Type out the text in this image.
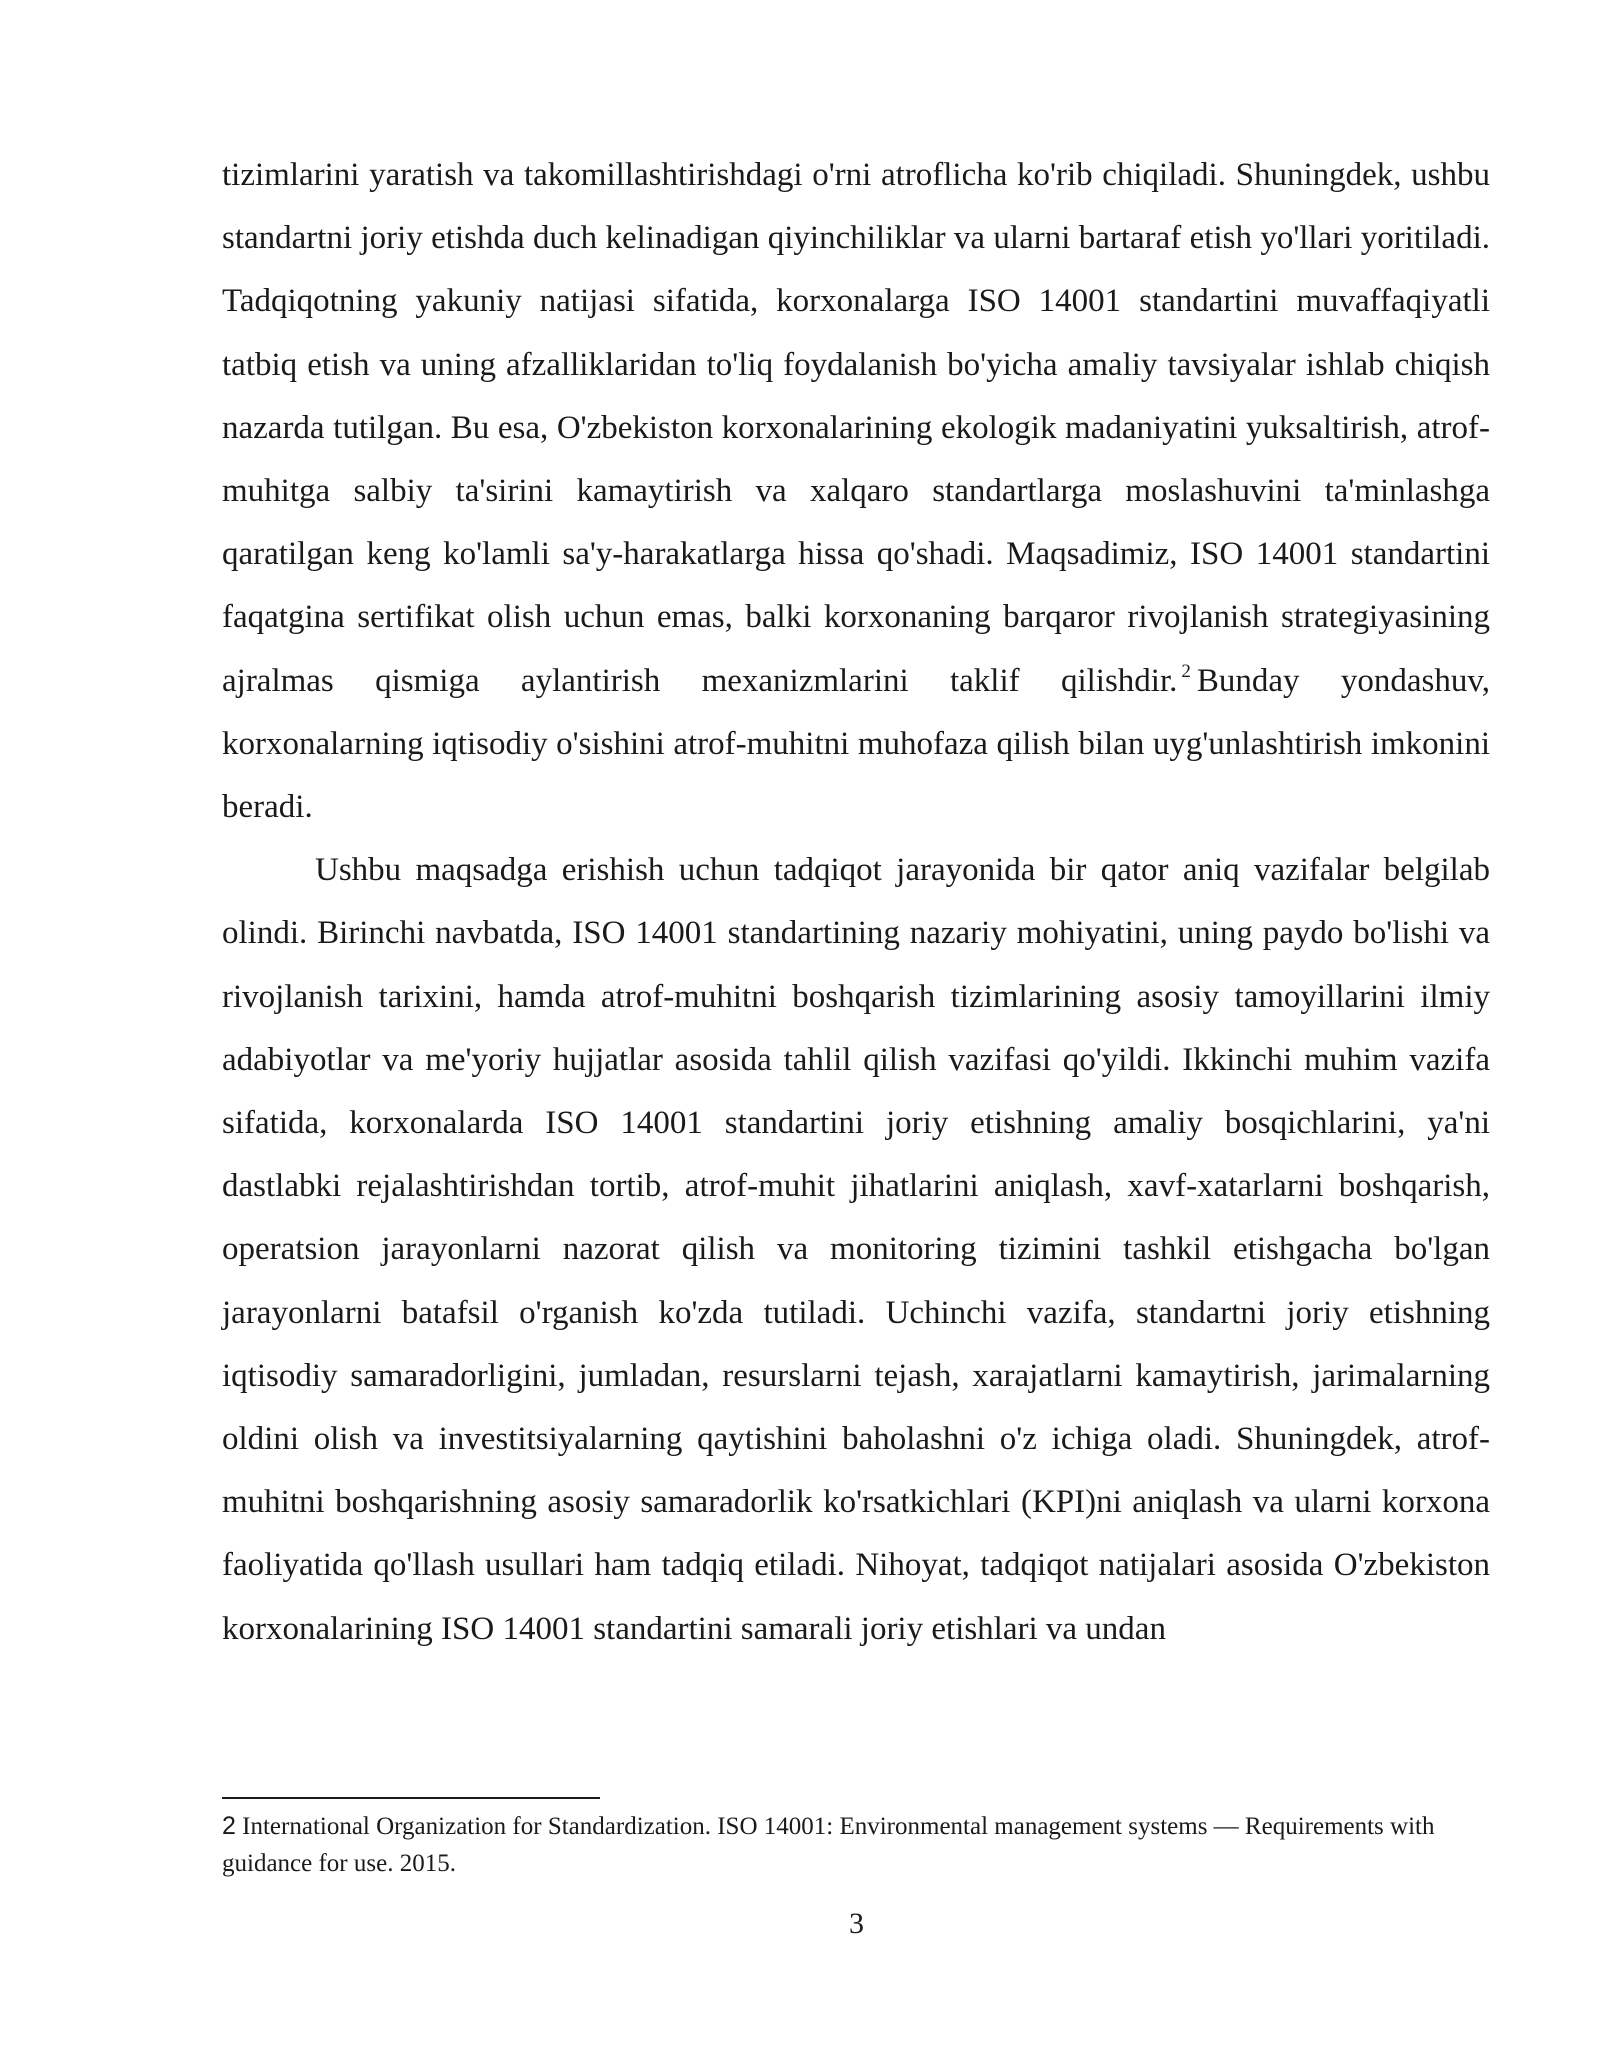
tizimlarini yaratish va takomillashtirishdagi o'rni atroflicha ko'rib chiqiladi. Shuningdek, ushbu standartni joriy etishda duch kelinadigan qiyinchiliklar va ularni bartaraf etish yo'llari yoritiladi. Tadqiqotning yakuniy natijasi sifatida, korxonalarga ISO 14001 standartini muvaffaqiyatli tatbiq etish va uning afzalliklaridan to'liq foydalanish bo'yicha amaliy tavsiyalar ishlab chiqish nazarda tutilgan. Bu esa, O'zbekiston korxonalarining ekologik madaniyatini yuksaltirish, atrof-muhitga salbiy ta'sirini kamaytirish va xalqaro standartlarga moslashuvini ta'minlashga qaratilgan keng ko'lamli sa'y-harakatlarga hissa qo'shadi. Maqsadimiz, ISO 14001 standartini faqatgina sertifikat olish uchun emas, balki korxonaning barqaror rivojlanish strategiyasining ajralmas qismiga aylantirish mexanizmlarini taklif qilishdir. $^2$ Bunday yondashuv, korxonalarning iqtisodiy o'sishini atrof-muhitni muhofaza qilish bilan uyg'unlashtirish imkonini beradi.

Ushbu maqsadga erishish uchun tadqiqot jarayonida bir qator aniq vazifalar belgilab olindi. Birinchi navbatda, ISO 14001 standartining nazariy mohiyatini, uning paydo bo'lishi va rivojlanish tarixini, hamda atrof-muhitni boshqarish tizimlarining asosiy tamoyillarini ilmiy adabiyotlar va me'yoriy hujjatlar asosida tahlil qilish vazifasi qo'yildi. Ikkinchi muhim vazifa sifatida, korxonalarda ISO 14001 standartini joriy etishning amaliy bosqichlarini, ya'ni dastlabki rejalashtirishdan tortib, atrof-muhit jihatlarini aniqlash, xavf-xatarlarni boshqarish, operatsion jarayonlarni nazorat qilish va monitoring tizimini tashkil etishgacha bo'lgan jarayonlarni batafsil o'rganish ko'zda tutiladi. Uchinchi vazifa, standartni joriy etishning iqtisodiy samaradorligini, jumladan, resurslarni tejash, xarajatlarni kamaytirish, jarimalarning oldini olish va investitsiyalarning qaytishini baholashni o'z ichiga oladi. Shuningdek, atrof-muhitni boshqarishning asosiy samaradorlik ko'rsatkichlari (KPI)ni aniqlash va ularni korxona faoliyatida qo'llash usullari ham tadqiq etiladi. Nihoyat, tadqiqot natijalari asosida O'zbekiston korxonalarining ISO 14001 standartini samarali joriy etishlari va undan

2 International Organization for Standardization. ISO 14001: Environmental management systems — Requirements with guidance for use. 2015.
3
